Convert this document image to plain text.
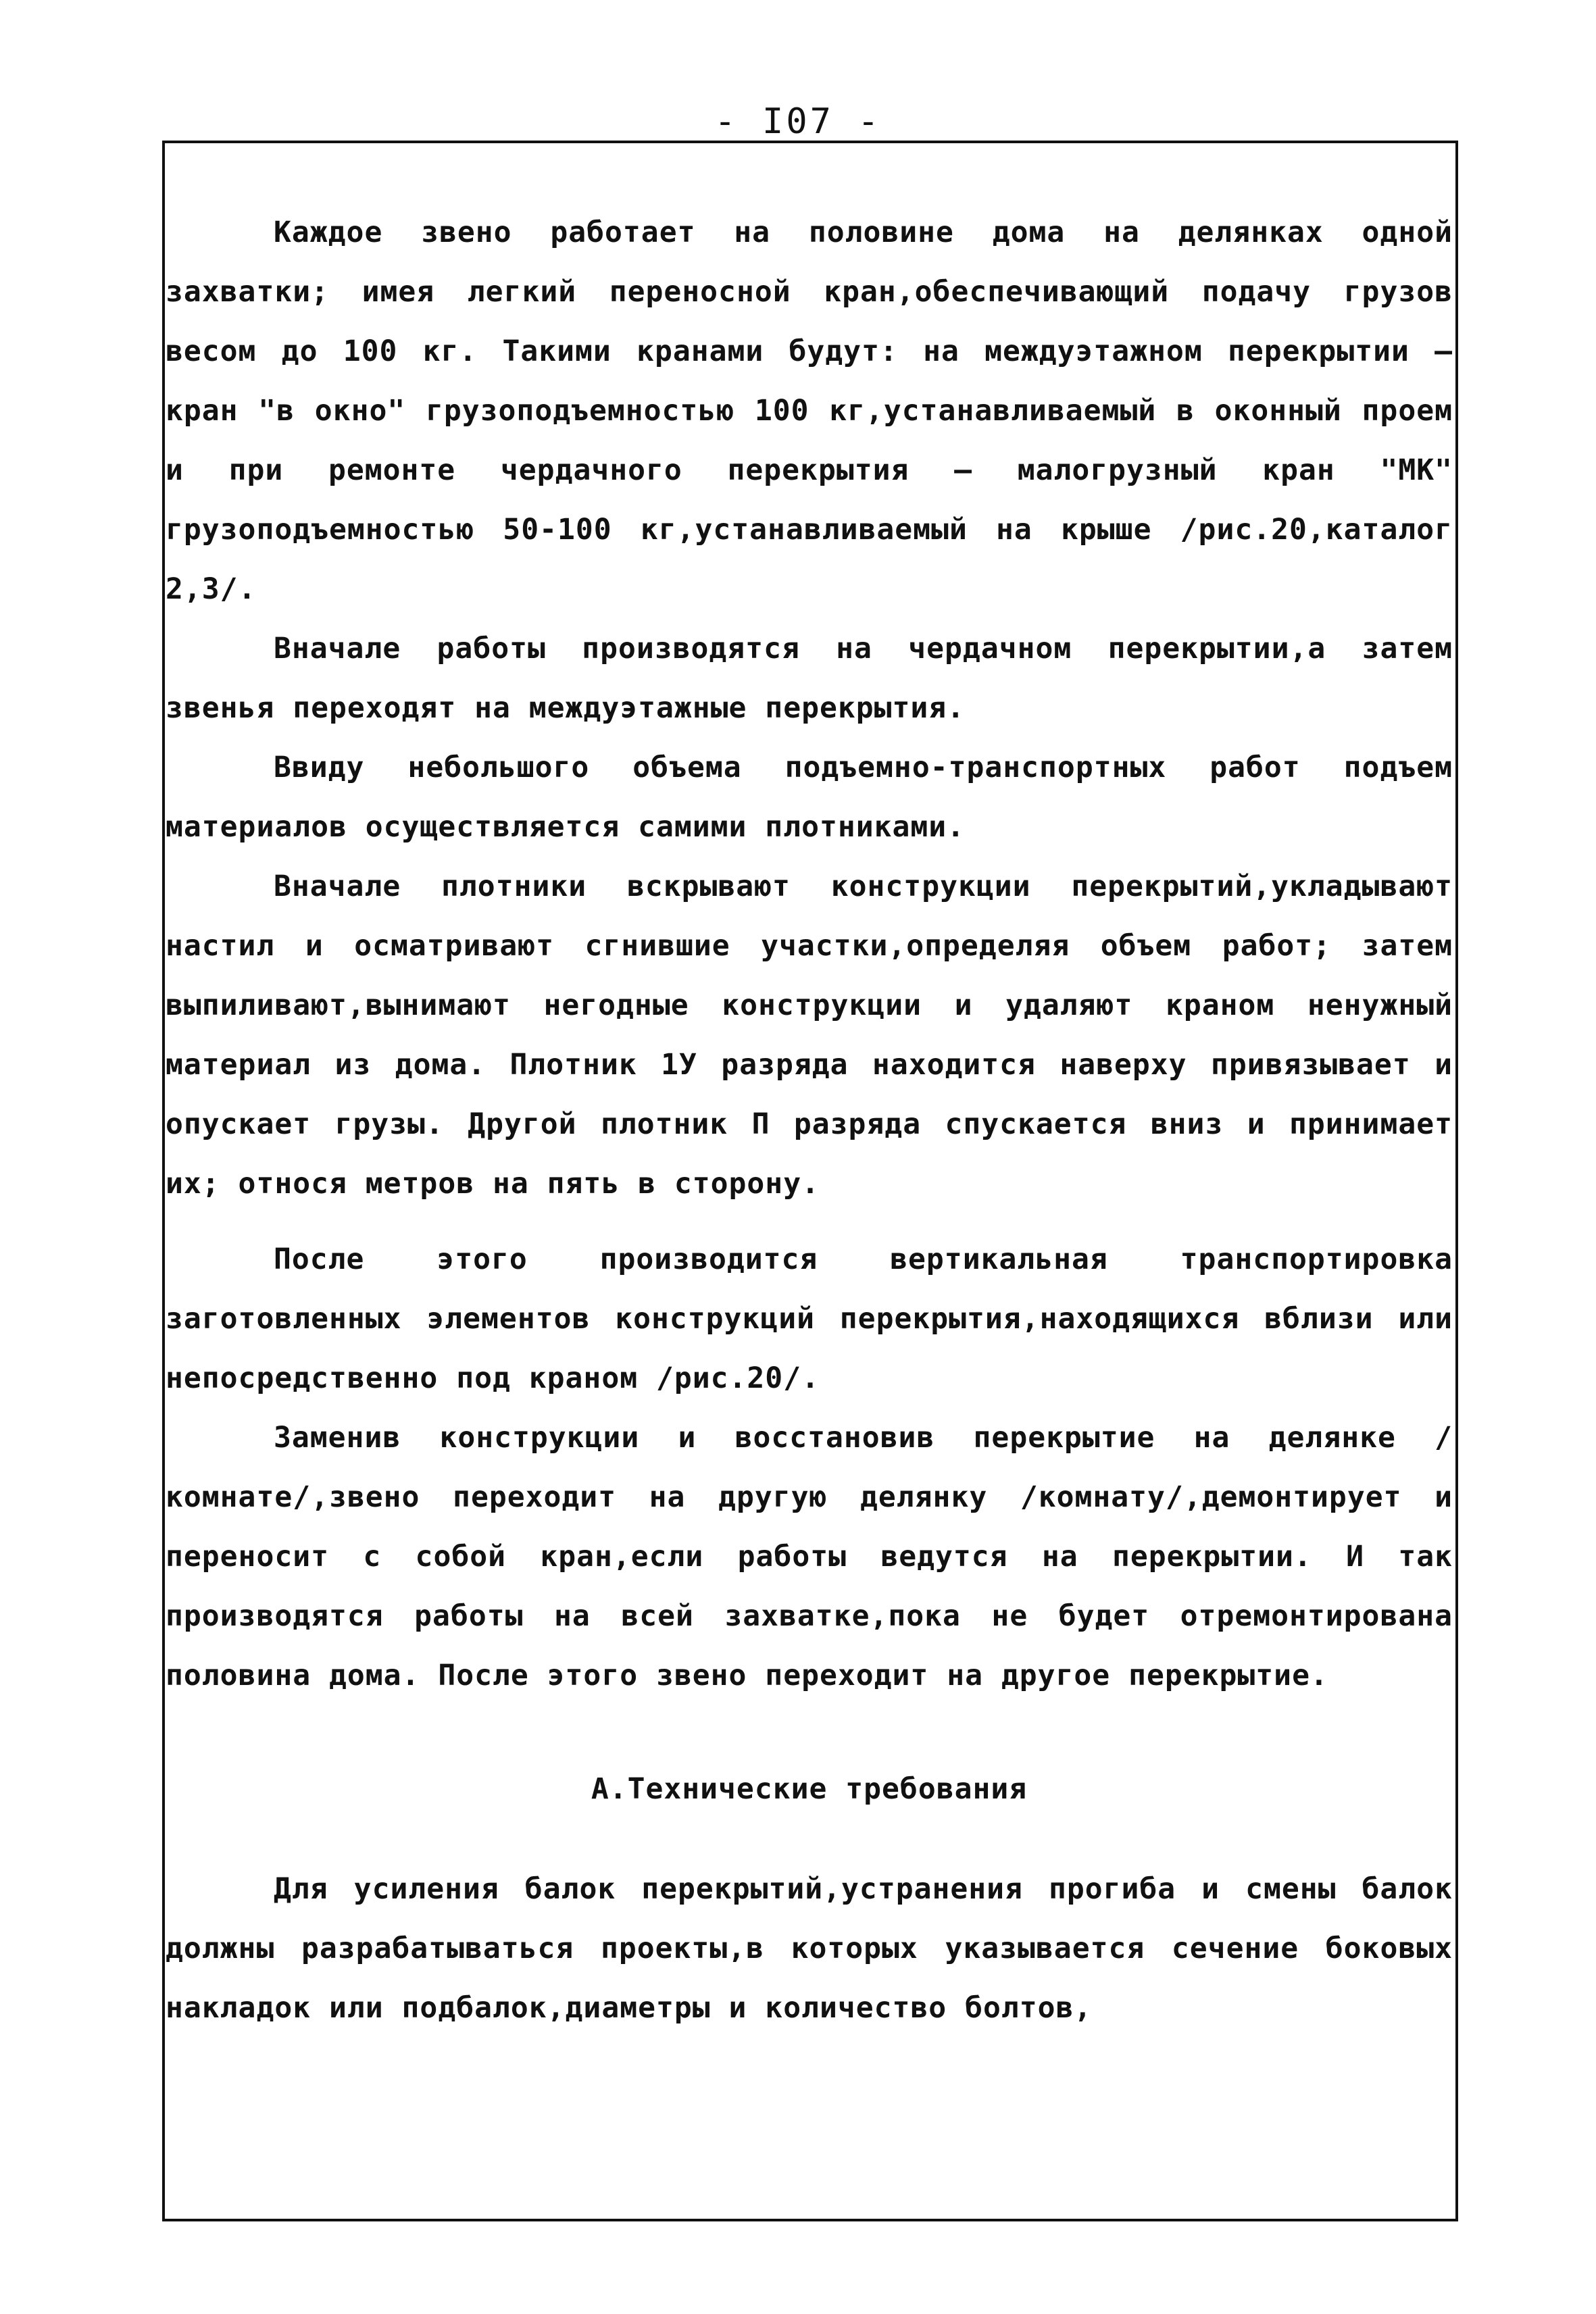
- I07 -

Каждое звено работает на половине дома на делянках одной захватки; имея легкий переносной кран,обеспечивающий подачу грузов весом до 100 кг. Такими кранами будут: на междуэтажном перекрытии – кран "в окно" грузоподъемностью 100 кг,устанавливаемый в оконный проем и при ремонте чердачного перекрытия – малогрузный кран "МК" грузоподъемностью 50-100 кг,устанавливаемый на крыше /рис.20,каталог 2,3/.

Вначале работы производятся на чердачном перекрытии,а затем звенья переходят на междуэтажные перекрытия.

Ввиду небольшого объема подъемно-транспортных работ подъем материалов осуществляется самими плотниками.

Вначале плотники вскрывают конструкции перекрытий,укладывают настил и осматривают сгнившие участки,определяя объем работ; затем выпиливают,вынимают негодные конструкции и удаляют краном ненужный материал из дома. Плотник 1У разряда находится наверху привязывает и опускает грузы. Другой плотник П разряда спускается вниз и принимает их; относя метров на пять в сторону.

После этого производится вертикальная транспортировка заготовленных элементов конструкций перекрытия,находящихся вблизи или непосредственно под краном /рис.20/.

Заменив конструкции и восстановив перекрытие на делянке /комнате/,звено переходит на другую делянку /комнату/,демонтирует и переносит с собой кран,если работы ведутся на перекрытии. И так производятся работы на всей захватке,пока не будет отремонтирована половина дома. После этого звено переходит на другое перекрытие.

А.Технические требования

Для усиления балок перекрытий,устранения прогиба и смены балок должны разрабатываться проекты,в которых указывается сечение боковых накладок или подбалок,диаметры и количество болтов,
